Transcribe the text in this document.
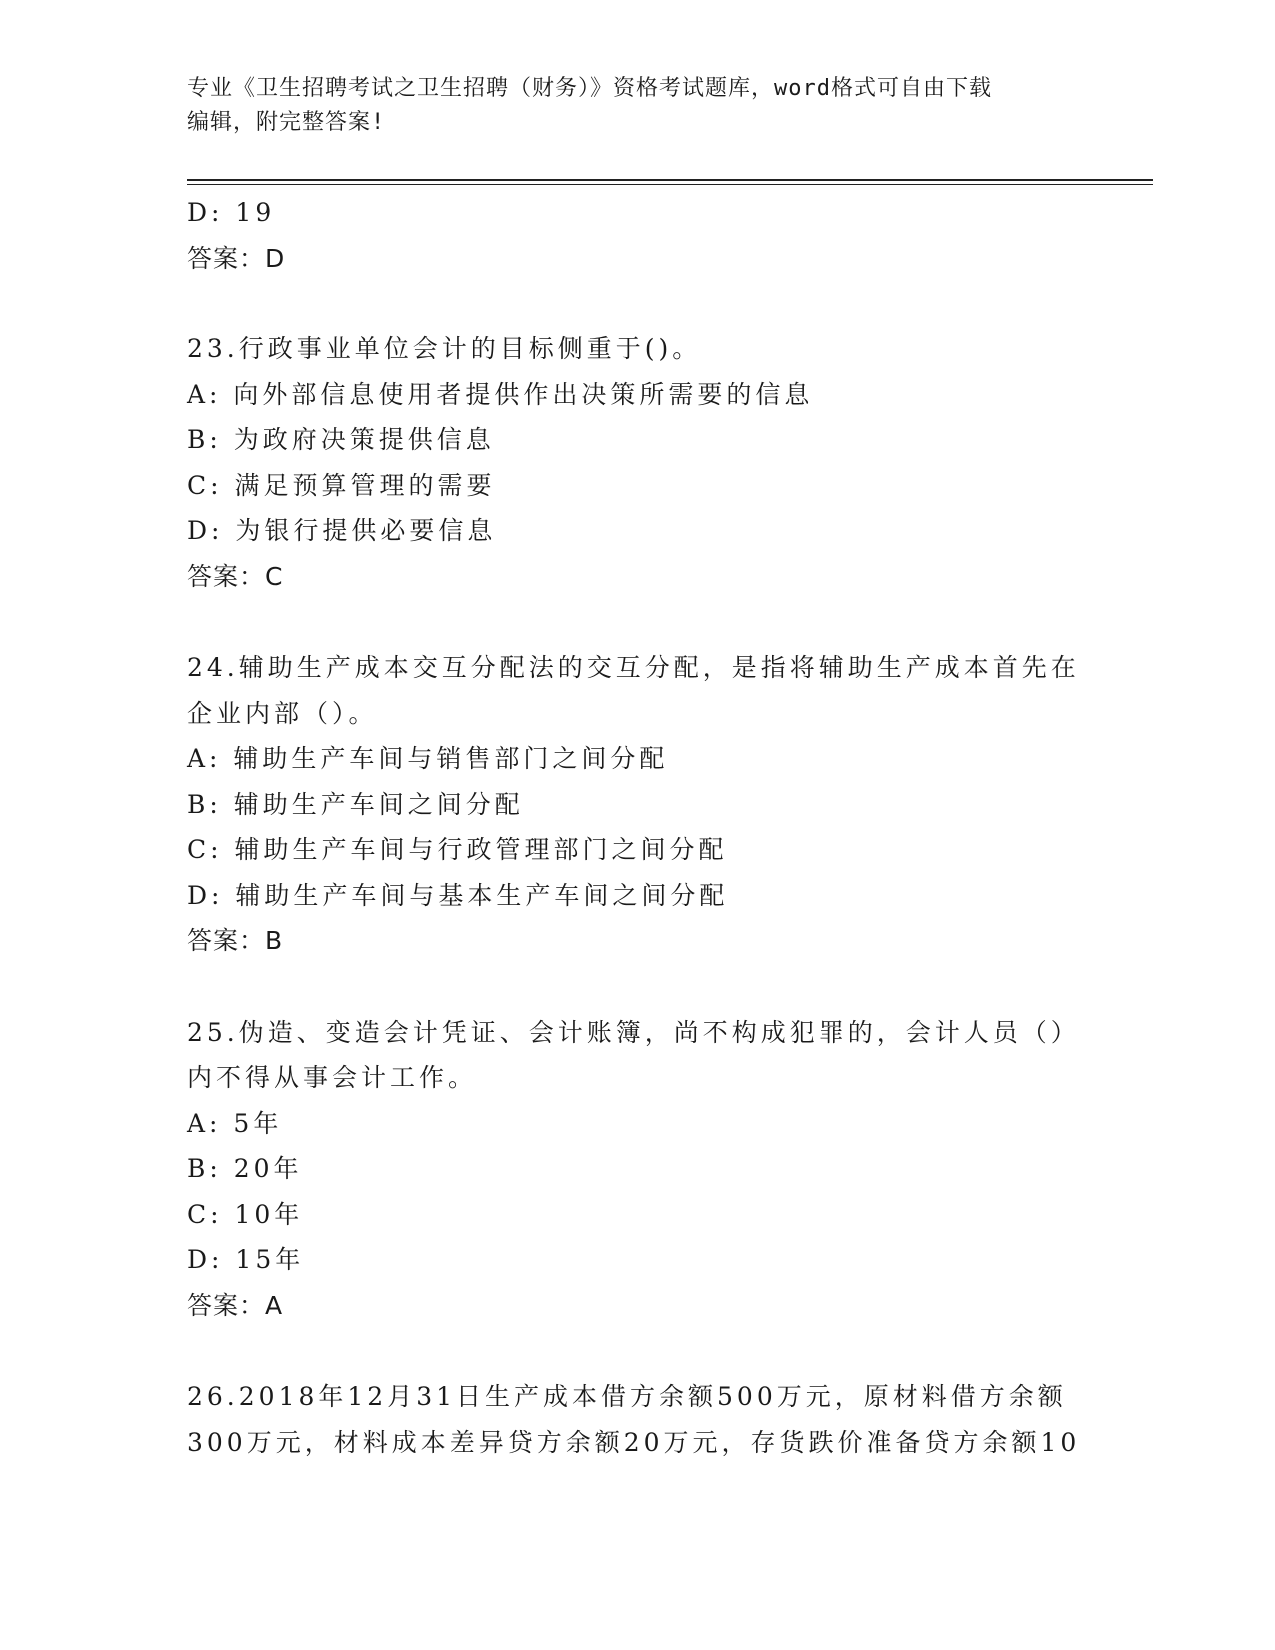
专业《卫生招聘考试之卫生招聘（财务）》资格考试题库，word格式可自由下载
编辑，附完整答案!
D: 19
答案：D
23.行政事业单位会计的目标侧重于()。
A: 向外部信息使用者提供作出决策所需要的信息
B: 为政府决策提供信息
C: 满足预算管理的需要
D: 为银行提供必要信息
答案：C
24.辅助生产成本交互分配法的交互分配，是指将辅助生产成本首先在
企业内部（）。
A: 辅助生产车间与销售部门之间分配
B: 辅助生产车间之间分配
C: 辅助生产车间与行政管理部门之间分配
D: 辅助生产车间与基本生产车间之间分配
答案：B
25.伪造、变造会计凭证、会计账簿，尚不构成犯罪的，会计人员（）
内不得从事会计工作。
A: 5年
B: 20年
C: 10年
D: 15年
答案：A
26.2018年12月31日生产成本借方余额500万元，原材料借方余额
300万元，材料成本差异贷方余额20万元，存货跌价准备贷方余额10
